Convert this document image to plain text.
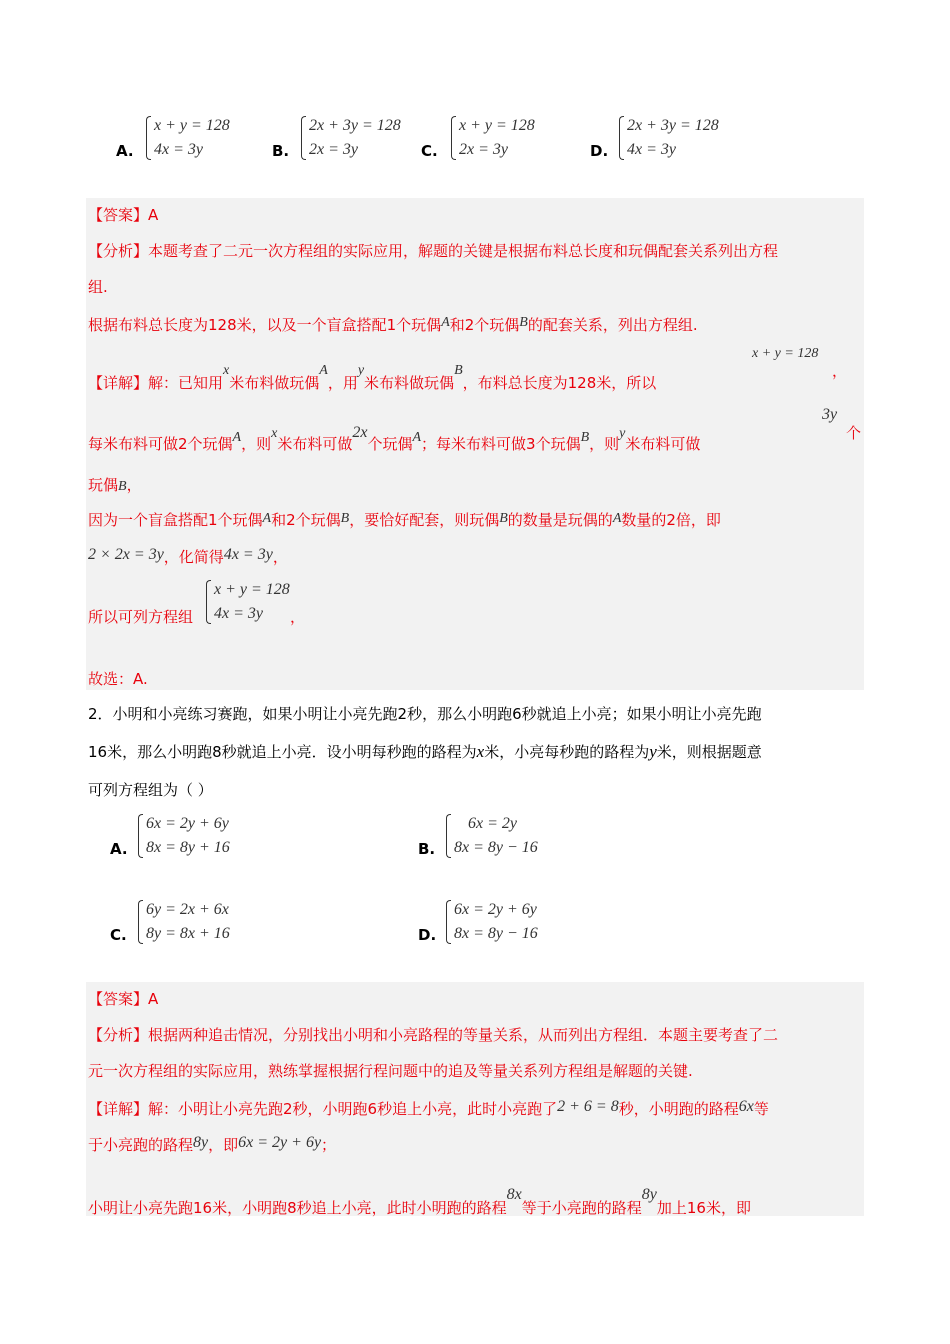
A.
x + y = 128
4x = 3y	B.
2x + 3y = 128
2x = 3y	C.
x + y = 128
2x = 3y	D.
2x + 3y = 128
4x = 3y
【答案】A
【分析】本题考查了二元一次方程组的实际应用，解题的关键是根据布料总长度和玩偶配套关系列出方程
组.
根据布料总长度为128米，以及一个盲盒搭配1个玩偶A和2个玩偶B的配套关系，列出方程组.
【详解】解：已知用x米布料做玩偶A，用y米布料做玩偶B，布料总长度为128米，所以
x + y = 128
，
每米布料可做2个玩偶A，则x米布料可做2x个玩偶A；每米布料可做3个玩偶B，则y米布料可做
3y
个
玩偶B，
因为一个盲盒搭配1个玩偶A和2个玩偶B，要恰好配套，则玩偶B的数量是玩偶的A数量的2倍，即
2 × 2x = 3y，化简得4x = 3y，
所以可列方程组
x + y = 128
4x = 3y	，
故选：A.
2．小明和小亮练习赛跑，如果小明让小亮先跑2秒，那么小明跑6秒就追上小亮；如果小明让小亮先跑
16米，那么小明跑8秒就追上小亮．设小明每秒跑的路程为x米，小亮每秒跑的路程为y米，则根据题意
可列方程组为（ ）
A.
6x = 2y + 6y
8x = 8y + 16	B.
6x = 2y
8x = 8y − 16
C.
6y = 2x + 6x
8y = 8x + 16	D.
6x = 2y + 6y
8x = 8y − 16
【答案】A
【分析】根据两种追击情况，分别找出小明和小亮路程的等量关系，从而列出方程组．本题主要考查了二
元一次方程组的实际应用，熟练掌握根据行程问题中的追及等量关系列方程组是解题的关键.
【详解】解：小明让小亮先跑2秒，小明跑6秒追上小亮，此时小亮跑了2 + 6 = 8秒，小明跑的路程6x等
于小亮跑的路程8y，即6x = 2y + 6y；
小明让小亮先跑16米，小明跑8秒追上小亮，此时小明跑的路程8x等于小亮跑的路程8y加上16米，即
